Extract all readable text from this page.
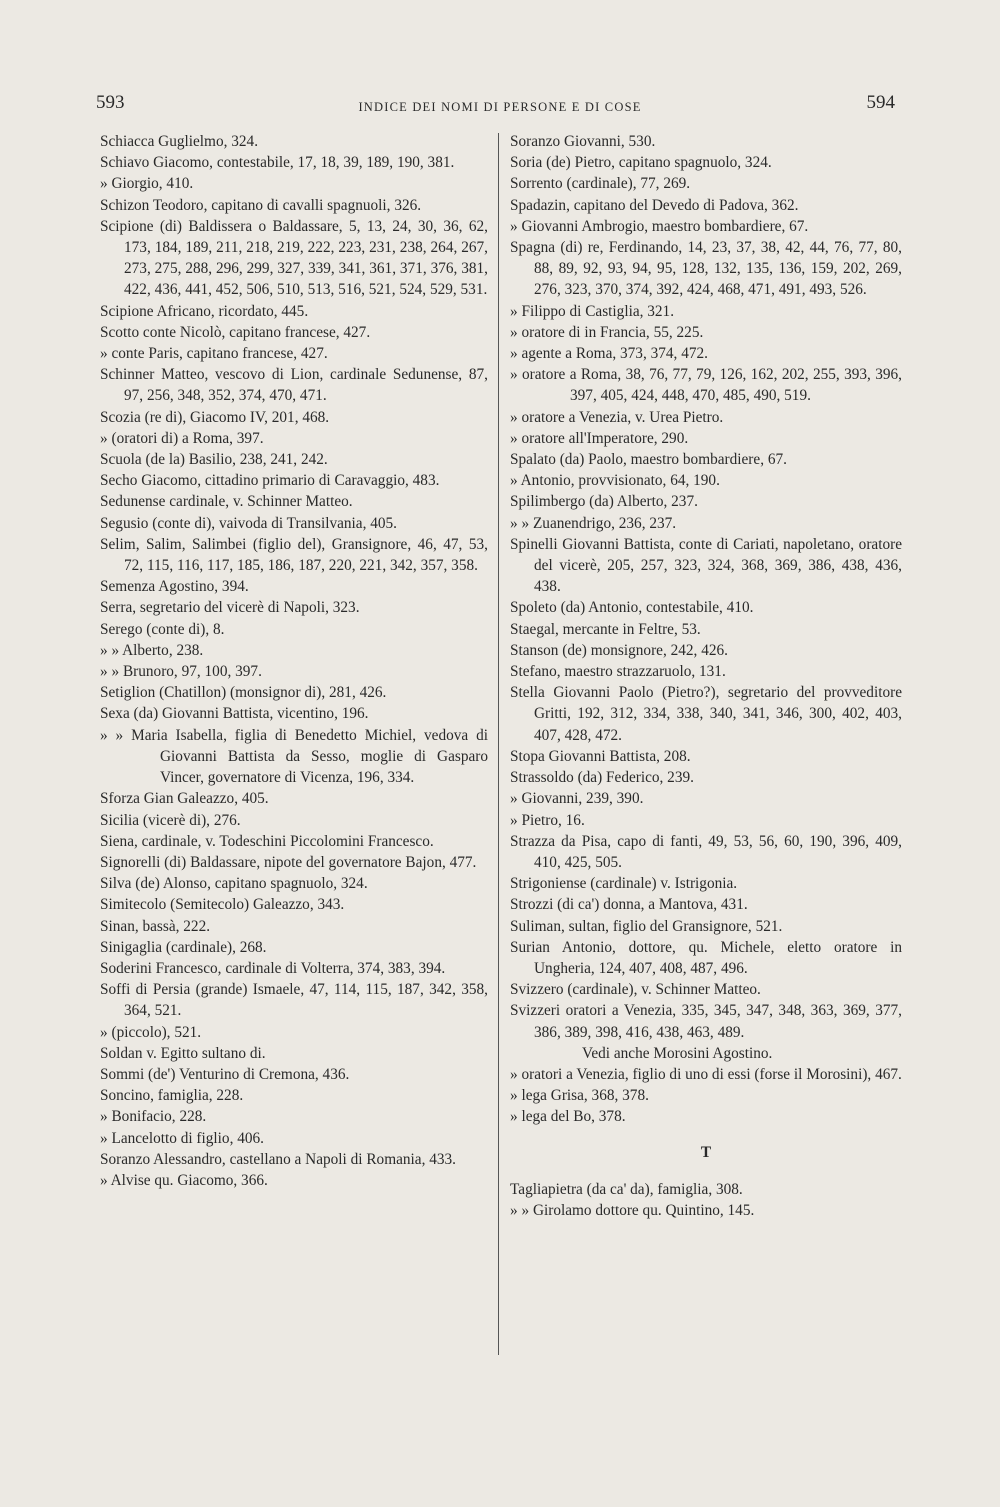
593	INDICE DEI NOMI DI PERSONE E DI COSE	594

Schiacca Guglielmo, 324.

Schiavo Giacomo, contestabile, 17, 18, 39, 189, 190, 381.

» Giorgio, 410.

Schizon Teodoro, capitano di cavalli spagnuoli, 326.

Scipione (di) Baldissera o Baldassare, 5, 13, 24, 30, 36, 62, 173, 184, 189, 211, 218, 219, 222, 223, 231, 238, 264, 267, 273, 275, 288, 296, 299, 327, 339, 341, 361, 371, 376, 381, 422, 436, 441, 452, 506, 510, 513, 516, 521, 524, 529, 531.

Scipione Africano, ricordato, 445.

Scotto conte Nicolò, capitano francese, 427.

» conte Paris, capitano francese, 427.

Schinner Matteo, vescovo di Lion, cardinale Sedunense, 87, 97, 256, 348, 352, 374, 470, 471.

Scozia (re di), Giacomo IV, 201, 468.

» (oratori di) a Roma, 397.

Scuola (de la) Basilio, 238, 241, 242.

Secho Giacomo, cittadino primario di Caravaggio, 483.

Sedunense cardinale, v. Schinner Matteo.

Segusio (conte di), vaivoda di Transilvania, 405.

Selim, Salim, Salimbei (figlio del), Gransignore, 46, 47, 53, 72, 115, 116, 117, 185, 186, 187, 220, 221, 342, 357, 358.

Semenza Agostino, 394.

Serra, segretario del vicerè di Napoli, 323.

Serego (conte di), 8.

» » Alberto, 238.

» » Brunoro, 97, 100, 397.

Setiglion (Chatillon) (monsignor di), 281, 426.

Sexa (da) Giovanni Battista, vicentino, 196.

» » Maria Isabella, figlia di Benedetto Michiel, vedova di Giovanni Battista da Sesso, moglie di Gasparo Vincer, governatore di Vicenza, 196, 334.

Sforza Gian Galeazzo, 405.

Sicilia (vicerè di), 276.

Siena, cardinale, v. Todeschini Piccolomini Francesco.

Signorelli (di) Baldassare, nipote del governatore Bajon, 477.

Silva (de) Alonso, capitano spagnuolo, 324.

Simitecolo (Semitecolo) Galeazzo, 343.

Sinan, bassà, 222.

Sinigaglia (cardinale), 268.

Soderini Francesco, cardinale di Volterra, 374, 383, 394.

Soffi di Persia (grande) Ismaele, 47, 114, 115, 187, 342, 358, 364, 521.

» (piccolo), 521.

Soldan v. Egitto sultano di.

Sommi (de') Venturino di Cremona, 436.

Soncino, famiglia, 228.

» Bonifacio, 228.

» Lancelotto di figlio, 406.

Soranzo Alessandro, castellano a Napoli di Romania, 433.

» Alvise qu. Giacomo, 366.

Soranzo Giovanni, 530.

Soria (de) Pietro, capitano spagnuolo, 324.

Sorrento (cardinale), 77, 269.

Spadazin, capitano del Devedo di Padova, 362.

» Giovanni Ambrogio, maestro bombardiere, 67.

Spagna (di) re, Ferdinando, 14, 23, 37, 38, 42, 44, 76, 77, 80, 88, 89, 92, 93, 94, 95, 128, 132, 135, 136, 159, 202, 269, 276, 323, 370, 374, 392, 424, 468, 471, 491, 493, 526.

» Filippo di Castiglia, 321.

» oratore di in Francia, 55, 225.

» agente a Roma, 373, 374, 472.

» oratore a Roma, 38, 76, 77, 79, 126, 162, 202, 255, 393, 396, 397, 405, 424, 448, 470, 485, 490, 519.

» oratore a Venezia, v. Urea Pietro.

» oratore all'Imperatore, 290.

Spalato (da) Paolo, maestro bombardiere, 67.

» Antonio, provvisionato, 64, 190.

Spilimbergo (da) Alberto, 237.

» » Zuanendrigo, 236, 237.

Spinelli Giovanni Battista, conte di Cariati, napoletano, oratore del vicerè, 205, 257, 323, 324, 368, 369, 386, 438, 436, 438.

Spoleto (da) Antonio, contestabile, 410.

Staegal, mercante in Feltre, 53.

Stanson (de) monsignore, 242, 426.

Stefano, maestro strazzaruolo, 131.

Stella Giovanni Paolo (Pietro?), segretario del provveditore Gritti, 192, 312, 334, 338, 340, 341, 346, 300, 402, 403, 407, 428, 472.

Stopa Giovanni Battista, 208.

Strassoldo (da) Federico, 239.

» Giovanni, 239, 390.

» Pietro, 16.

Strazza da Pisa, capo di fanti, 49, 53, 56, 60, 190, 396, 409, 410, 425, 505.

Strigoniense (cardinale) v. Istrigonia.

Strozzi (di ca') donna, a Mantova, 431.

Suliman, sultan, figlio del Gransignore, 521.

Surian Antonio, dottore, qu. Michele, eletto oratore in Ungheria, 124, 407, 408, 487, 496.

Svizzero (cardinale), v. Schinner Matteo.

Svizzeri oratori a Venezia, 335, 345, 347, 348, 363, 369, 377, 386, 389, 398, 416, 438, 463, 489.

Vedi anche Morosini Agostino.

» oratori a Venezia, figlio di uno di essi (forse il Morosini), 467.

» lega Grisa, 368, 378.

» lega del Bo, 378.

T

Tagliapietra (da ca' da), famiglia, 308.

» » Girolamo dottore qu. Quintino, 145.
